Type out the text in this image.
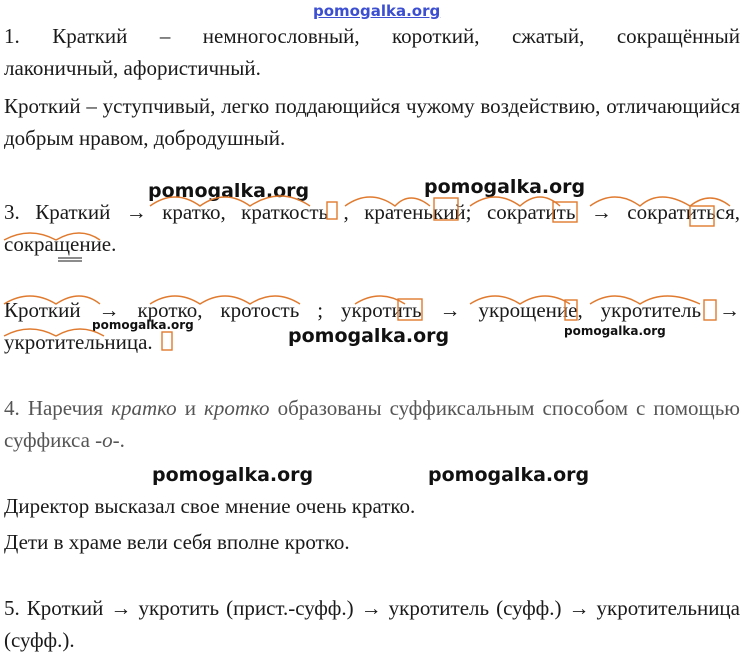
pomogalka.org

1. Краткий – немногословный, короткий, сжатый, сокращённый

лаконичный, афористичный.

Кроткий – уступчивый, легко поддающийся чужому воздействию, отличающийся добрым нравом, добродушный.

3. Краткий → кратко, краткость , кратенький; сократить → сократиться, сокращение.

Кроткий → кротко, кротость ; укротить → укрощение, укротитель → укротительница.

4. Наречия кратко и кротко образованы суффиксальным способом с помощью суффикса -о-.

Директор высказал свое мнение очень кратко.

Дети в храме вели себя вполне кротко.

5. Кроткий → укротить (прист.-суфф.) → укротитель (суфф.) → укротительница (суфф.).

pomogalka.org	pomogalka.org
pomogalka.org	pomogalka.org	pomogalka.org
pomogalka.org	pomogalka.org
